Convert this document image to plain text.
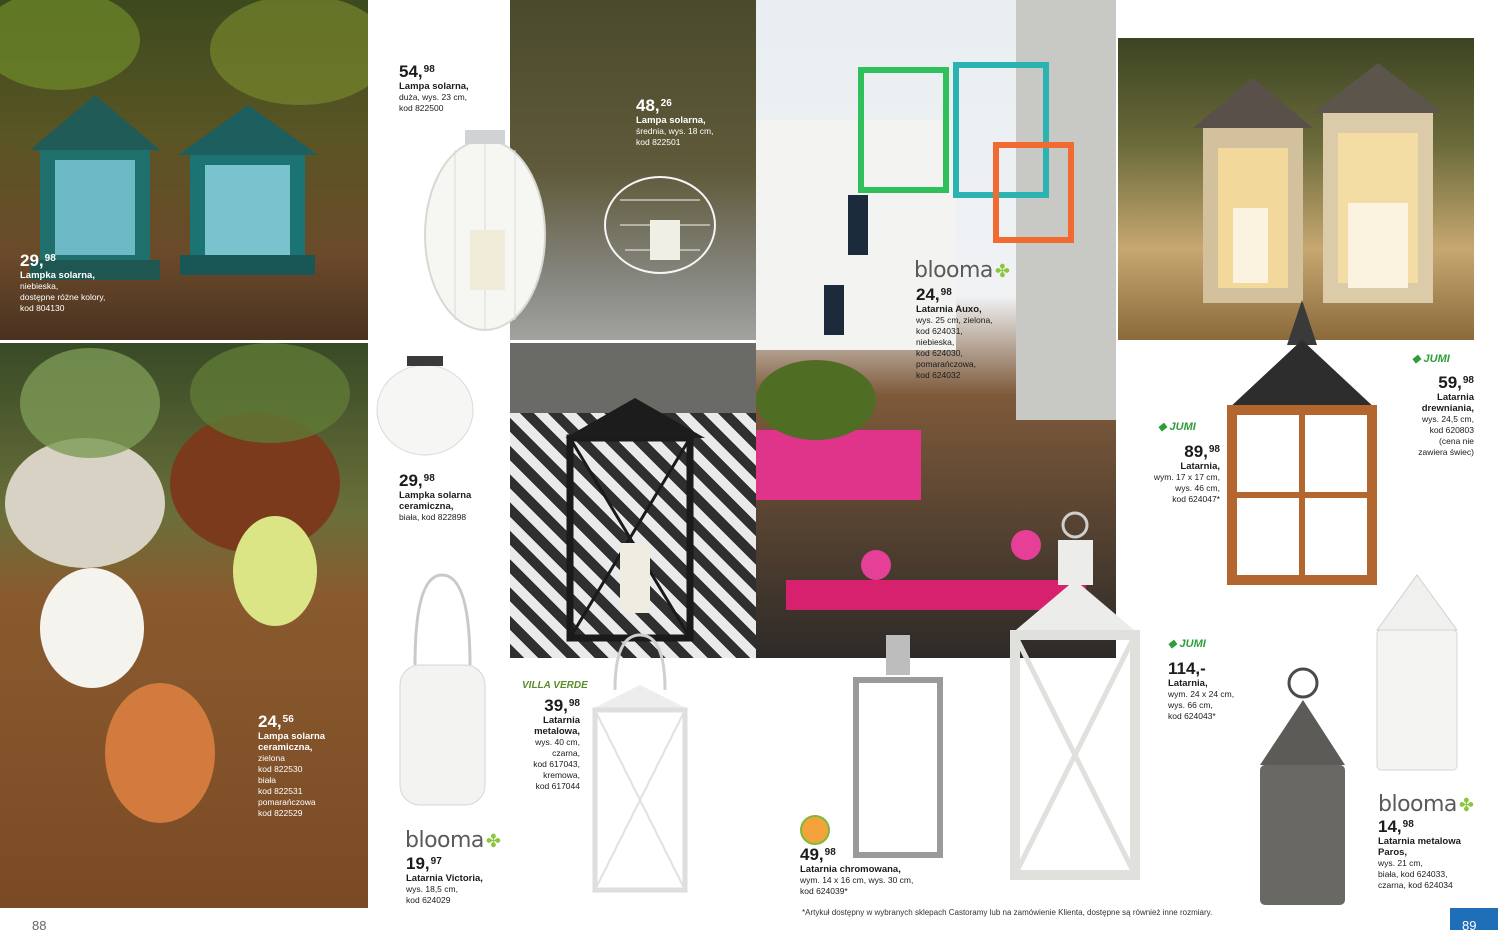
29,98
Lampka solarna,
niebieska,
dostępne różne kolory,
kod 804130
54,98
Lampa solarna,
duża, wys. 23 cm,
kod 822500	48,26
Lampa solarna,
średnia, wys. 18 cm,
kod 822501
blooma ✤
24,98
Latarnia Auxo,
wys. 25 cm, zielona,
kod 624031,
niebieska,
kod 624030,
pomarańczowa,
kod 624032
29,98
Lampka solarna ceramiczna,
biała, kod 822898
24,56
Lampa solarna ceramiczna,
zielona
kod 822530
biała
kod 822531
pomarańczowa
kod 822529
blooma ✤
19,97
Latarnia Victoria,
wys. 18,5 cm,
kod 624029
VILLA VERDE
39,98
Latarnia metalowa,
wys. 40 cm,
czarna,
kod 617043,
kremowa,
kod 617044
49,98
Latarnia chromowana,
wym. 14 x 16 cm, wys. 30 cm,
kod 624039*
◆ JUMI
59,98
Latarnia drewniania,
wys. 24,5 cm,
kod 620803
(cena nie
zawiera świec)
◆ JUMI
89,98
Latarnia,
wym. 17 x 17 cm,
wys. 46 cm,
kod 624047*
◆ JUMI
114,-
Latarnia,
wym. 24 x 24 cm,
wys. 66 cm,
kod 624043*
blooma ✤
14,98
Latarnia metalowa Paros,
wys. 21 cm,
biała, kod 624033,
czarna, kod 624034
*Artykuł dostępny w wybranych sklepach Castoramy lub na zamówienie Klienta, dostępne są również inne rozmiary.
88	89
